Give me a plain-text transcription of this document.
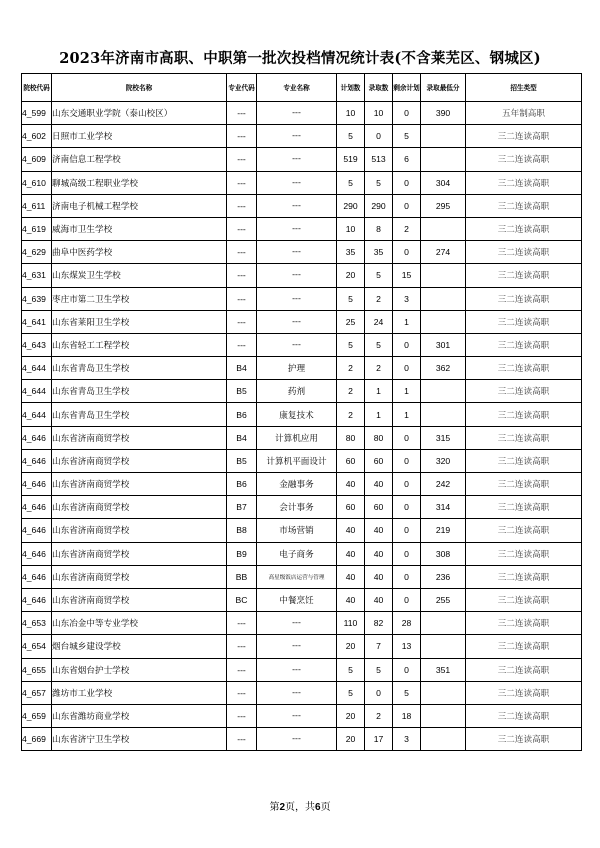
2023年济南市高职、中职第一批次投档情况统计表(不含莱芜区、钢城区)
院校代码	院校名称	专业代码	专业名称	计划数	录取数	剩余计划	录取最低分	招生类型
4_599	山东交通职业学院（泰山校区）	---	---	10	10	0	390	五年制高职
4_602	日照市工业学校	---	---	5	0	5		三二连读高职
4_609	济南信息工程学校	---	---	519	513	6		三二连读高职
4_610	聊城高级工程职业学校	---	---	5	5	0	304	三二连读高职
4_611	济南电子机械工程学校	---	---	290	290	0	295	三二连读高职
4_619	威海市卫生学校	---	---	10	8	2		三二连读高职
4_629	曲阜中医药学校	---	---	35	35	0	274	三二连读高职
4_631	山东煤炭卫生学校	---	---	20	5	15		三二连读高职
4_639	枣庄市第二卫生学校	---	---	5	2	3		三二连读高职
4_641	山东省莱阳卫生学校	---	---	25	24	1		三二连读高职
4_643	山东省轻工工程学校	---	---	5	5	0	301	三二连读高职
4_644	山东省青岛卫生学校	B4	护理	2	2	0	362	三二连读高职
4_644	山东省青岛卫生学校	B5	药剂	2	1	1		三二连读高职
4_644	山东省青岛卫生学校	B6	康复技术	2	1	1		三二连读高职
4_646	山东省济南商贸学校	B4	计算机应用	80	80	0	315	三二连读高职
4_646	山东省济南商贸学校	B5	计算机平面设计	60	60	0	320	三二连读高职
4_646	山东省济南商贸学校	B6	金融事务	40	40	0	242	三二连读高职
4_646	山东省济南商贸学校	B7	会计事务	60	60	0	314	三二连读高职
4_646	山东省济南商贸学校	B8	市场营销	40	40	0	219	三二连读高职
4_646	山东省济南商贸学校	B9	电子商务	40	40	0	308	三二连读高职
4_646	山东省济南商贸学校	BB	高星级饭店运营与管理	40	40	0	236	三二连读高职
4_646	山东省济南商贸学校	BC	中餐烹饪	40	40	0	255	三二连读高职
4_653	山东冶金中等专业学校	---	---	110	82	28		三二连读高职
4_654	烟台城乡建设学校	---	---	20	7	13		三二连读高职
4_655	山东省烟台护士学校	---	---	5	5	0	351	三二连读高职
4_657	潍坊市工业学校	---	---	5	0	5		三二连读高职
4_659	山东省潍坊商业学校	---	---	20	2	18		三二连读高职
4_669	山东省济宁卫生学校	---	---	20	17	3		三二连读高职
第2页，共6页
